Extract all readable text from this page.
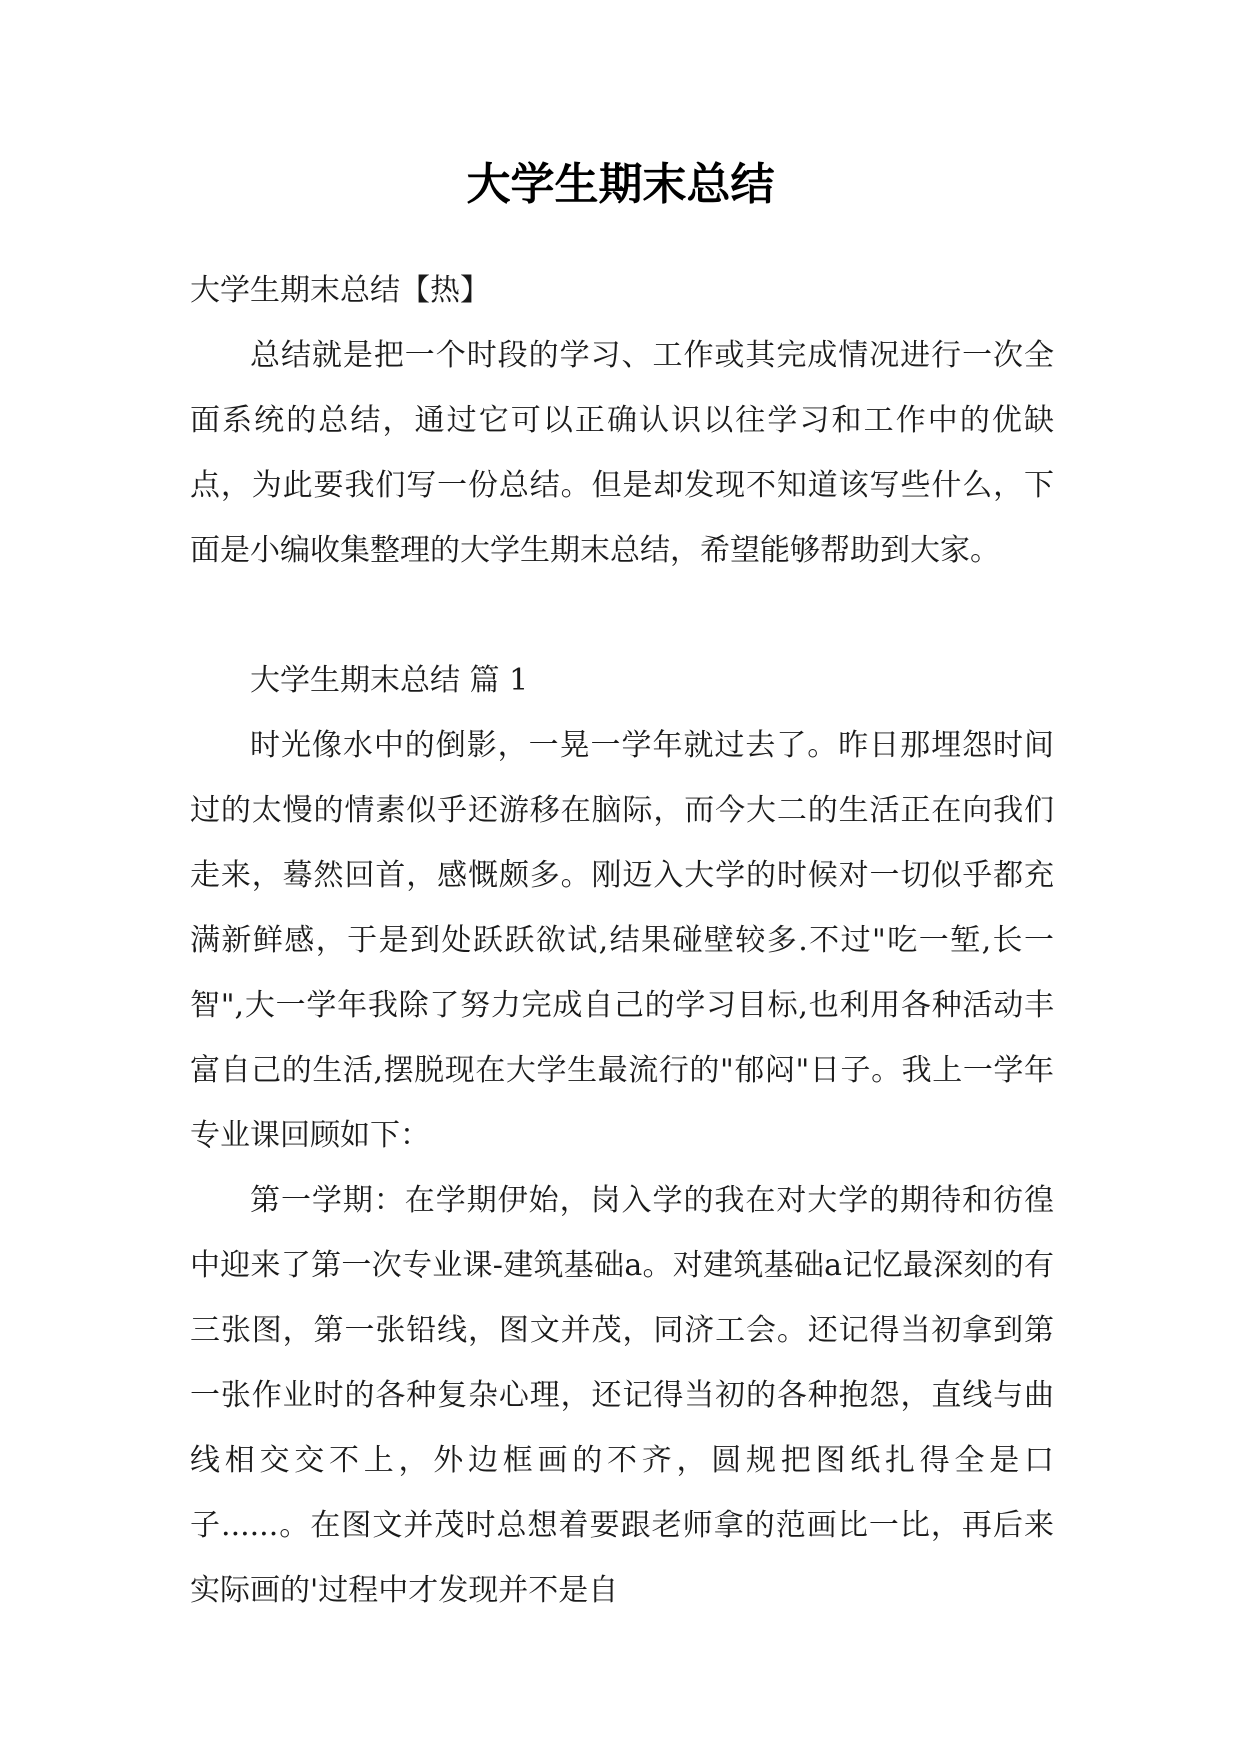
大学生期末总结

大学生期末总结【热】

总结就是把一个时段的学习、工作或其完成情况进行一次全面系统的总结，通过它可以正确认识以往学习和工作中的优缺点，为此要我们写一份总结。但是却发现不知道该写些什么，下面是小编收集整理的大学生期末总结，希望能够帮助到大家。

大学生期末总结 篇 1

时光像水中的倒影，一晃一学年就过去了。昨日那埋怨时间过的太慢的情素似乎还游移在脑际，而今大二的生活正在向我们走来，蓦然回首，感慨颇多。刚迈入大学的时候对一切似乎都充满新鲜感，于是到处跃跃欲试,结果碰壁较多.不过"吃一堑,长一智",大一学年我除了努力完成自己的学习目标,也利用各种活动丰富自己的生活,摆脱现在大学生最流行的"郁闷"日子。我上一学年专业课回顾如下：

第一学期：在学期伊始，岗入学的我在对大学的期待和彷徨中迎来了第一次专业课-建筑基础a。对建筑基础a记忆最深刻的有三张图，第一张铅线，图文并茂，同济工会。还记得当初拿到第一张作业时的各种复杂心理，还记得当初的各种抱怨，直线与曲线相交交不上，外边框画的不齐，圆规把图纸扎得全是口子......。在图文并茂时总想着要跟老师拿的范画比一比，再后来实际画的'过程中才发现并不是自
